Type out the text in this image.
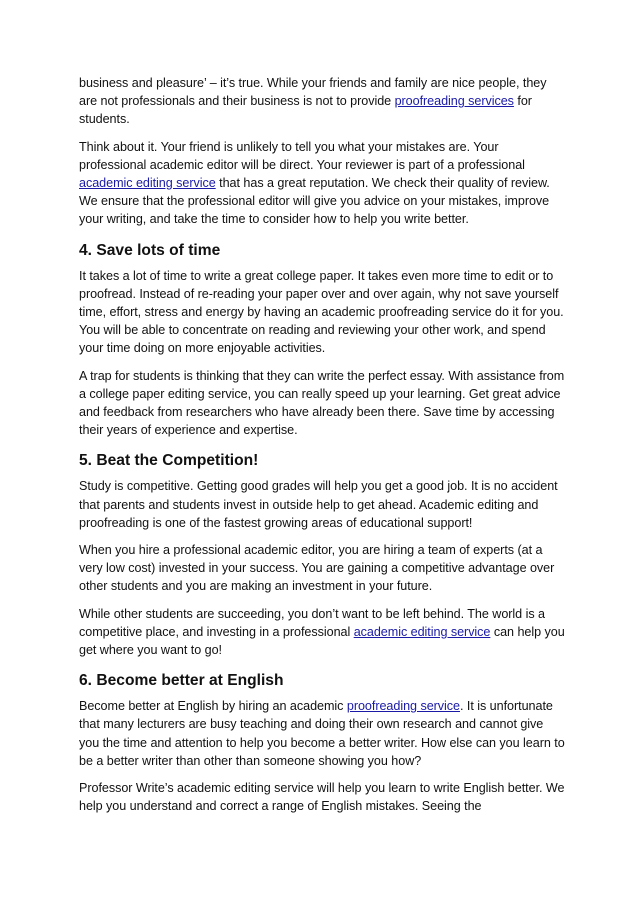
business and pleasure’ – it’s true. While your friends and family are nice people, they are not professionals and their business is not to provide proofreading services for students.

Think about it. Your friend is unlikely to tell you what your mistakes are. Your professional academic editor will be direct. Your reviewer is part of a professional academic editing service that has a great reputation. We check their quality of review. We ensure that the professional editor will give you advice on your mistakes, improve your writing, and take the time to consider how to help you write better.

4. Save lots of time

It takes a lot of time to write a great college paper. It takes even more time to edit or to proofread. Instead of re-reading your paper over and over again, why not save yourself time, effort, stress and energy by having an academic proofreading service do it for you. You will be able to concentrate on reading and reviewing your other work, and spend your time doing on more enjoyable activities.

A trap for students is thinking that they can write the perfect essay. With assistance from a college paper editing service, you can really speed up your learning. Get great advice and feedback from researchers who have already been there. Save time by accessing their years of experience and expertise.

5. Beat the Competition!

Study is competitive. Getting good grades will help you get a good job. It is no accident that parents and students invest in outside help to get ahead. Academic editing and proofreading is one of the fastest growing areas of educational support!

When you hire a professional academic editor, you are hiring a team of experts (at a very low cost) invested in your success. You are gaining a competitive advantage over other students and you are making an investment in your future.

While other students are succeeding, you don’t want to be left behind. The world is a competitive place, and investing in a professional academic editing service can help you get where you want to go!

6. Become better at English

Become better at English by hiring an academic proofreading service. It is unfortunate that many lecturers are busy teaching and doing their own research and cannot give you the time and attention to help you become a better writer. How else can you learn to be a better writer than other than someone showing you how?

Professor Write’s academic editing service will help you learn to write English better. We help you understand and correct a range of English mistakes. Seeing the
